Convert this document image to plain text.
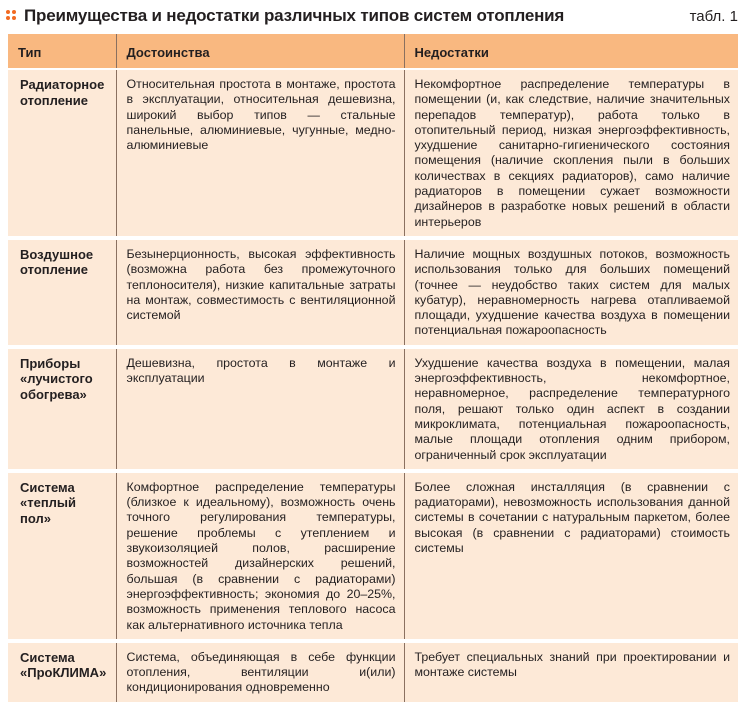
Преимущества и недостатки различных типов систем отопления	табл. 1
Тип	Достоинства	Недостатки
Радиаторное отопление	Относительная простота в монтаже, простота в эксплуатации, относительная дешевизна, широкий выбор типов — стальные панельные, алюминиевые, чугунные, медно-алюминиевые	Некомфортное распределение температуры в помещении (и, как следствие, наличие значительных перепадов температур), работа только в отопительный период, низкая энергоэффективность, ухудшение санитарно-гигиенического состояния помещения (наличие скопления пыли в больших количествах в секциях радиаторов), само наличие радиаторов в помещении сужает возможности дизайнеров в разработке новых решений в области интерьеров
Воздушное отопление	Безынерционность, высокая эффективность (возможна работа без промежуточного теплоносителя), низкие капитальные затраты на монтаж, совместимость с вентиляционной системой	Наличие мощных воздушных потоков, возможность использования только для больших помещений (точнее — неудобство таких систем для малых кубатур), неравномерность нагрева отапливаемой площади, ухудшение качества воздуха в помещении потенциальная пожароопасность
Приборы «лучистого обогрева»	Дешевизна, простота в монтаже и эксплуатации	Ухудшение качества воздуха в помещении, малая энергоэффективность, некомфортное, неравномерное, распределение температурного поля, решают только один аспект в создании микроклимата, потенциальная пожароопасность, малые площади отопления одним прибором, ограниченный срок эксплуатации
Система «теплый пол»	Комфортное распределение температуры (близкое к идеальному), возможность очень точного регулирования температуры, решение проблемы с утеплением и звукоизоляцией полов, расширение возможностей дизайнерских решений, большая (в сравнении с радиаторами) энергоэффективность; экономия до 20–25%, возможность применения теплового насоса как альтернативного источника тепла	Более сложная инсталляция (в сравнении с радиаторами), невозможность использования данной системы в сочетании с натуральным паркетом, более высокая (в сравнении с радиаторами) стоимость системы
Система «ПроКЛИМА»	Система, объединяющая в себе функции отопления, вентиляции и(или) кондиционирования одновременно	Требует специальных знаний при проектировании и монтаже системы
